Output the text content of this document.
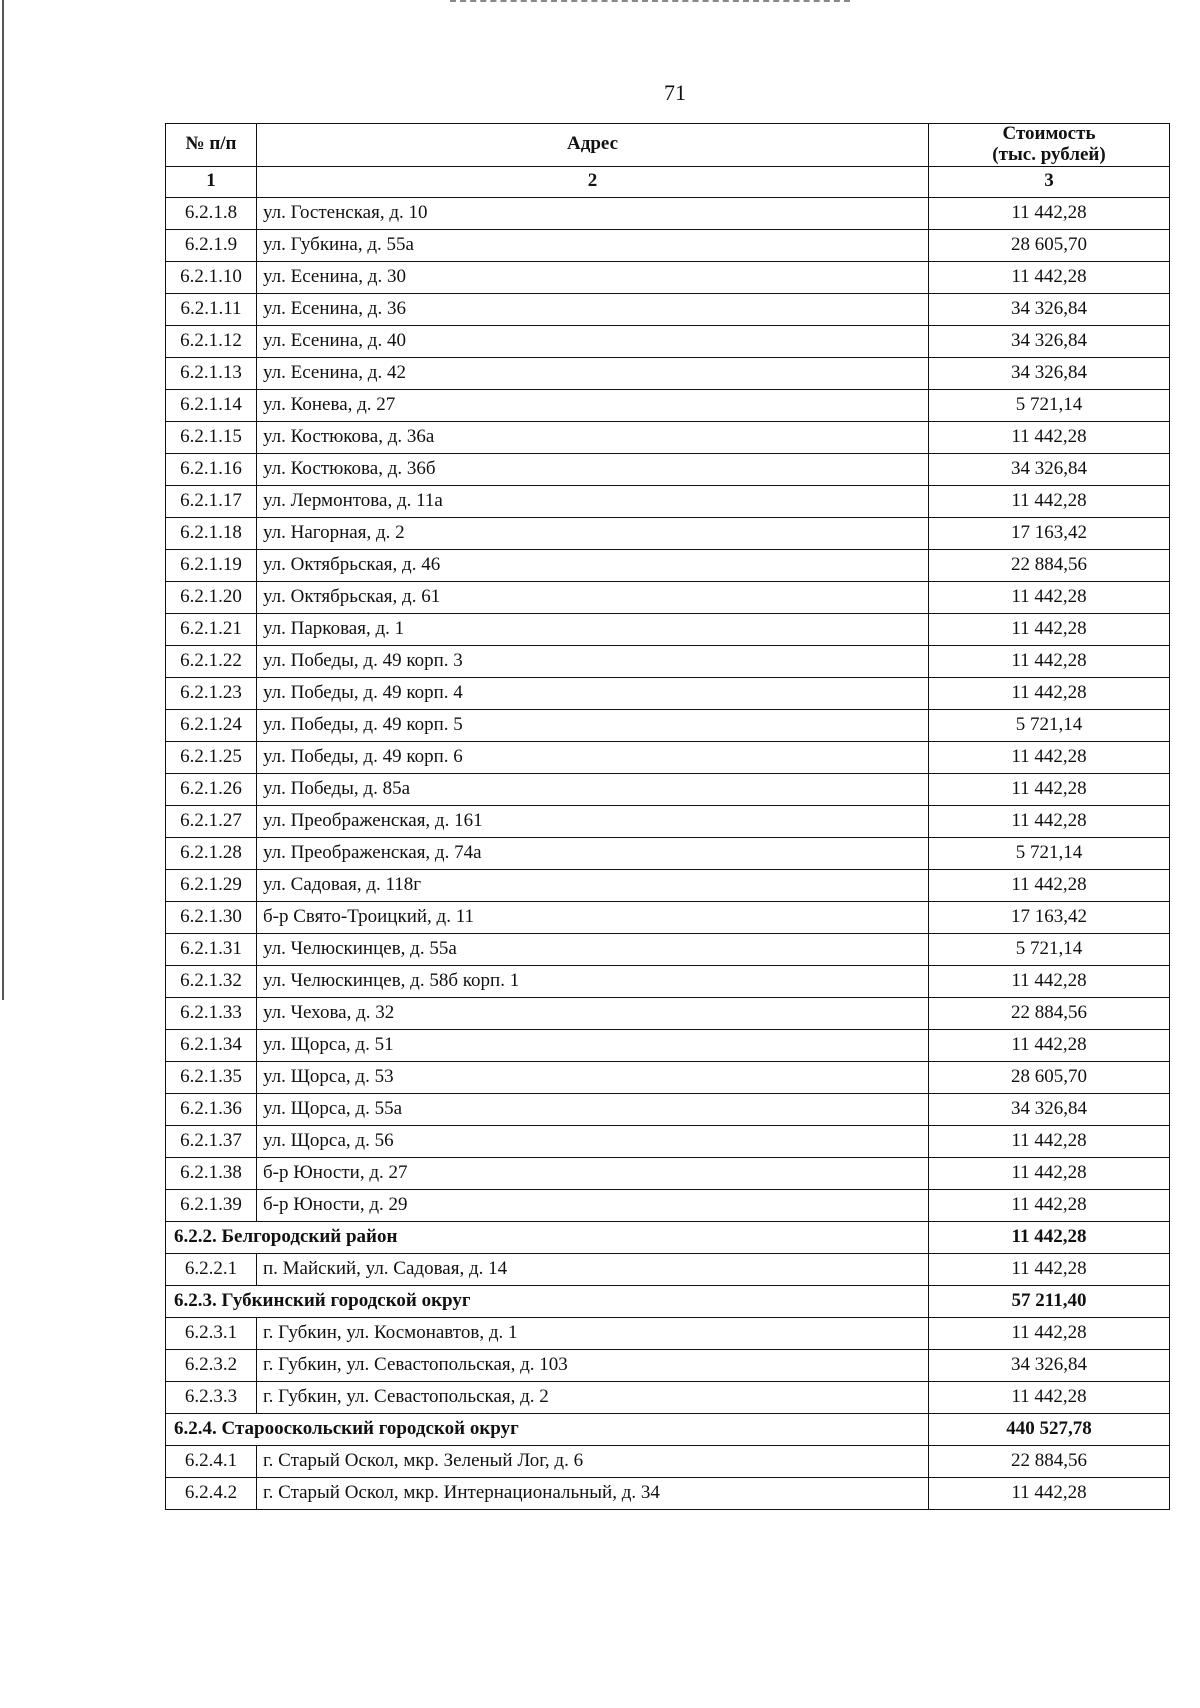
71
№ п/п	Адрес	Стоимость
(тыс. рублей)
1	2	3
6.2.1.8	ул. Гостенская, д. 10	11 442,28
6.2.1.9	ул. Губкина, д. 55а	28 605,70
6.2.1.10	ул. Есенина, д. 30	11 442,28
6.2.1.11	ул. Есенина, д. 36	34 326,84
6.2.1.12	ул. Есенина, д. 40	34 326,84
6.2.1.13	ул. Есенина, д. 42	34 326,84
6.2.1.14	ул. Конева, д. 27	5 721,14
6.2.1.15	ул. Костюкова, д. 36а	11 442,28
6.2.1.16	ул. Костюкова, д. 36б	34 326,84
6.2.1.17	ул. Лермонтова, д. 11а	11 442,28
6.2.1.18	ул. Нагорная, д. 2	17 163,42
6.2.1.19	ул. Октябрьская, д. 46	22 884,56
6.2.1.20	ул. Октябрьская, д. 61	11 442,28
6.2.1.21	ул. Парковая, д. 1	11 442,28
6.2.1.22	ул. Победы, д. 49 корп. 3	11 442,28
6.2.1.23	ул. Победы, д. 49 корп. 4	11 442,28
6.2.1.24	ул. Победы, д. 49 корп. 5	5 721,14
6.2.1.25	ул. Победы, д. 49 корп. 6	11 442,28
6.2.1.26	ул. Победы, д. 85а	11 442,28
6.2.1.27	ул. Преображенская, д. 161	11 442,28
6.2.1.28	ул. Преображенская, д. 74а	5 721,14
6.2.1.29	ул. Садовая, д. 118г	11 442,28
6.2.1.30	б-р Свято-Троицкий, д. 11	17 163,42
6.2.1.31	ул. Челюскинцев, д. 55а	5 721,14
6.2.1.32	ул. Челюскинцев, д. 58б корп. 1	11 442,28
6.2.1.33	ул. Чехова, д. 32	22 884,56
6.2.1.34	ул. Щорса, д. 51	11 442,28
6.2.1.35	ул. Щорса, д. 53	28 605,70
6.2.1.36	ул. Щорса, д. 55а	34 326,84
6.2.1.37	ул. Щорса, д. 56	11 442,28
6.2.1.38	б-р Юности, д. 27	11 442,28
6.2.1.39	б-р Юности, д. 29	11 442,28
6.2.2. Белгородский район		11 442,28
6.2.2.1	п. Майский, ул. Садовая, д. 14	11 442,28
6.2.3. Губкинский городской округ		57 211,40
6.2.3.1	г. Губкин, ул. Космонавтов, д. 1	11 442,28
6.2.3.2	г. Губкин, ул. Севастопольская, д. 103	34 326,84
6.2.3.3	г. Губкин, ул. Севастопольская, д. 2	11 442,28
6.2.4. Старооскольский городской округ		440 527,78
6.2.4.1	г. Старый Оскол, мкр. Зеленый Лог, д. 6	22 884,56
6.2.4.2	г. Старый Оскол, мкр. Интернациональный, д. 34	11 442,28
